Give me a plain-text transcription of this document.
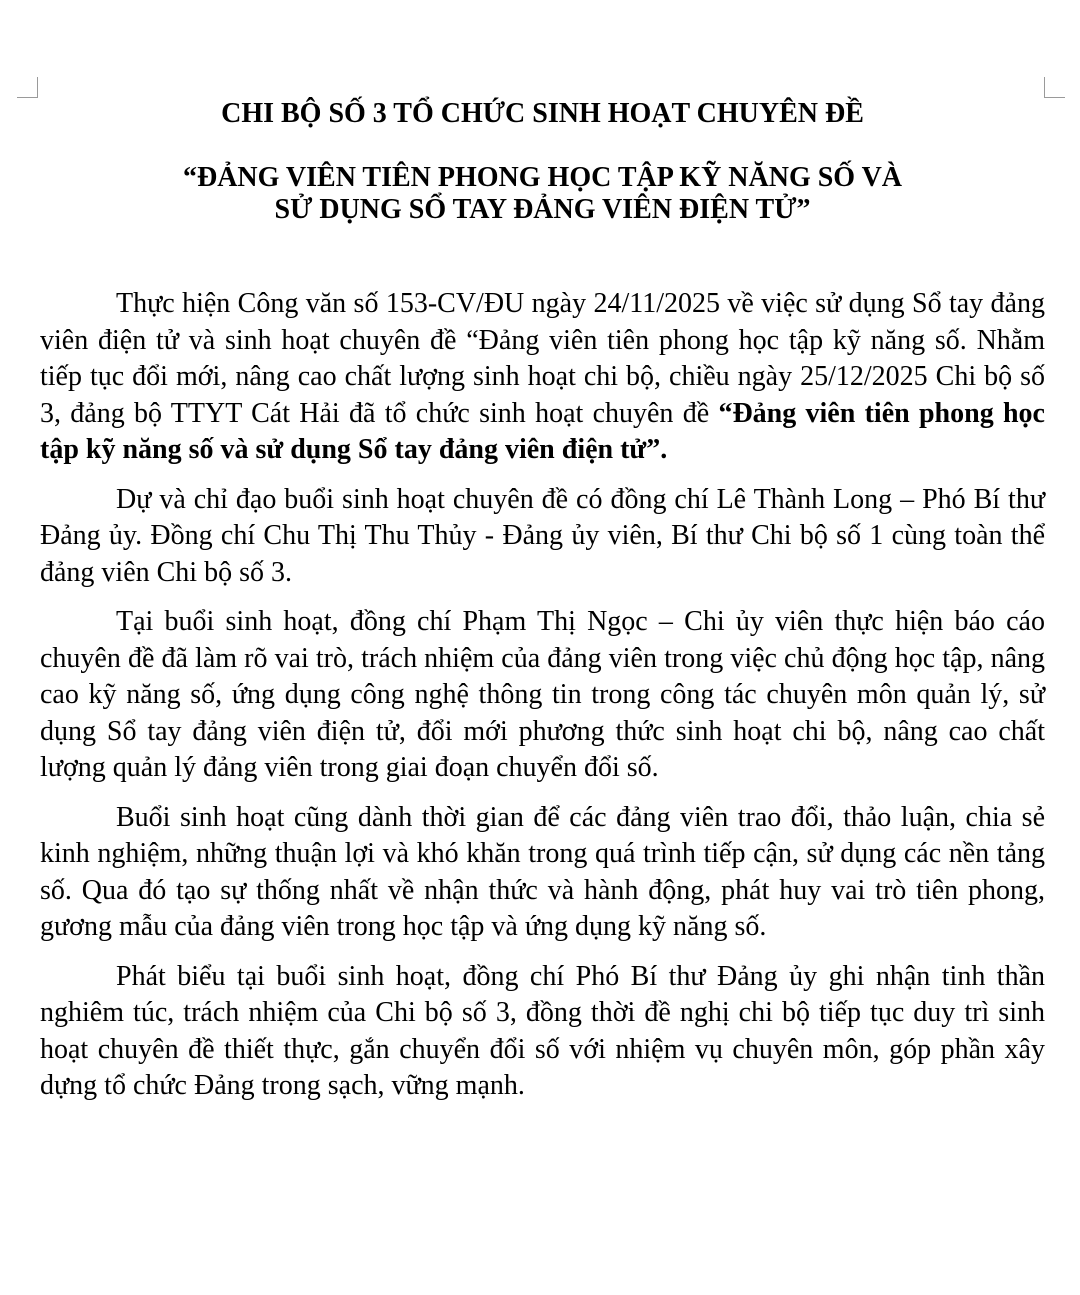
CHI BỘ SỐ 3 TỔ CHỨC SINH HOẠT CHUYÊN ĐỀ
“ĐẢNG VIÊN TIÊN PHONG HỌC TẬP KỸ NĂNG SỐ VÀ
SỬ DỤNG SỔ TAY ĐẢNG VIÊN ĐIỆN TỬ”

Thực hiện Công văn số 153-CV/ĐU ngày 24/11/2025 về việc sử dụng Sổ tay đảng viên điện tử và sinh hoạt chuyên đề “Đảng viên tiên phong học tập kỹ năng số. Nhằm tiếp tục đổi mới, nâng cao chất lượng sinh hoạt chi bộ, chiều ngày 25/12/2025 Chi bộ số 3, đảng bộ TTYT Cát Hải đã tổ chức sinh hoạt chuyên đề “Đảng viên tiên phong học tập kỹ năng số và sử dụng Sổ tay đảng viên điện tử”.

Dự và chỉ đạo buổi sinh hoạt chuyên đề có đồng chí Lê Thành Long – Phó Bí thư Đảng ủy. Đồng chí Chu Thị Thu Thủy - Đảng ủy viên, Bí thư Chi bộ số 1 cùng toàn thể đảng viên Chi bộ số 3.

Tại buổi sinh hoạt, đồng chí Phạm Thị Ngọc – Chi ủy viên thực hiện báo cáo chuyên đề đã làm rõ vai trò, trách nhiệm của đảng viên trong việc chủ động học tập, nâng cao kỹ năng số, ứng dụng công nghệ thông tin trong công tác chuyên môn quản lý, sử dụng Sổ tay đảng viên điện tử, đổi mới phương thức sinh hoạt chi bộ, nâng cao chất lượng quản lý đảng viên trong giai đoạn chuyển đổi số.

Buổi sinh hoạt cũng dành thời gian để các đảng viên trao đổi, thảo luận, chia sẻ kinh nghiệm, những thuận lợi và khó khăn trong quá trình tiếp cận, sử dụng các nền tảng số. Qua đó tạo sự thống nhất về nhận thức và hành động, phát huy vai trò tiên phong, gương mẫu của đảng viên trong học tập và ứng dụng kỹ năng số.

Phát biểu tại buổi sinh hoạt, đồng chí Phó Bí thư Đảng ủy ghi nhận tinh thần nghiêm túc, trách nhiệm của Chi bộ số 3, đồng thời đề nghị chi bộ tiếp tục duy trì sinh hoạt chuyên đề thiết thực, gắn chuyển đổi số với nhiệm vụ chuyên môn, góp phần xây dựng tổ chức Đảng trong sạch, vững mạnh.
